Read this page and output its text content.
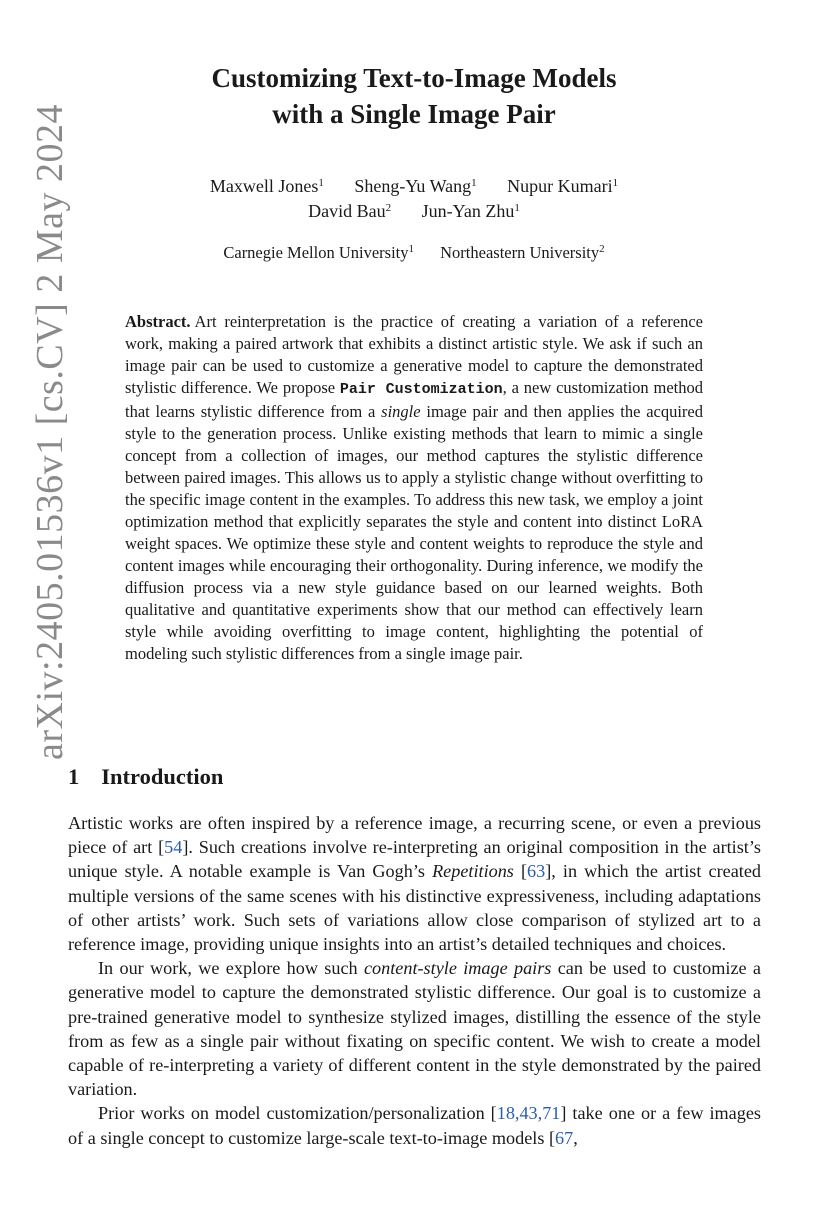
arXiv:2405.01536v1 [cs.CV] 2 May 2024
Customizing Text-to-Image Models
with a Single Image Pair
Maxwell Jones$^1$ Sheng-Yu Wang$^1$ Nupur Kumari$^1$
David Bau$^2$ Jun-Yan Zhu$^1$
Carnegie Mellon University$^1$ Northeastern University$^2$
Abstract. Art reinterpretation is the practice of creating a variation of a reference work, making a paired artwork that exhibits a distinct artistic style. We ask if such an image pair can be used to customize a generative model to capture the demonstrated stylistic difference. We propose Pair Customization, a new customization method that learns stylistic difference from a single image pair and then applies the acquired style to the generation process. Unlike existing methods that learn to mimic a single concept from a collection of images, our method captures the stylistic difference between paired images. This allows us to apply a stylistic change without overfitting to the specific image content in the examples. To address this new task, we employ a joint optimization method that explicitly separates the style and content into distinct LoRA weight spaces. We optimize these style and content weights to reproduce the style and content images while encouraging their orthogonality. During inference, we modify the diffusion process via a new style guidance based on our learned weights. Both qualitative and quantitative experiments show that our method can effectively learn style while avoiding overfitting to image content, highlighting the potential of modeling such stylistic differences from a single image pair.
1 Introduction

Artistic works are often inspired by a reference image, a recurring scene, or even a previous piece of art [54]. Such creations involve re-interpreting an original composition in the artist’s unique style. A notable example is Van Gogh’s Repetitions [63], in which the artist created multiple versions of the same scenes with his distinctive expressiveness, including adaptations of other artists’ work. Such sets of variations allow close comparison of stylized art to a reference image, providing unique insights into an artist’s detailed techniques and choices.

In our work, we explore how such content-style image pairs can be used to customize a generative model to capture the demonstrated stylistic difference. Our goal is to customize a pre-trained generative model to synthesize stylized images, distilling the essence of the style from as few as a single pair without fixating on specific content. We wish to create a model capable of re-interpreting a variety of different content in the style demonstrated by the paired variation.

Prior works on model customization/personalization [18,43,71] take one or a few images of a single concept to customize large-scale text-to-image models [67,
